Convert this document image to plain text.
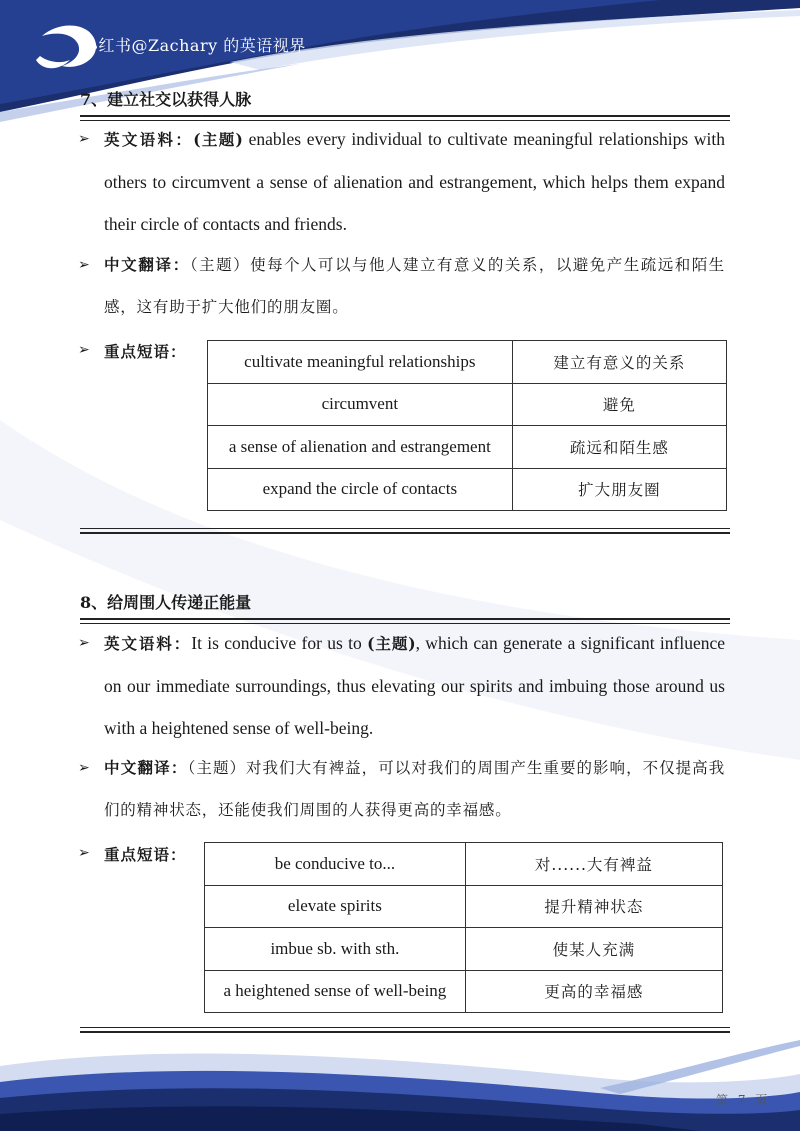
小红书@Zachary 的英语视界
7、建立社交以获得人脉
➢ 英文语料：(主题) enables every individual to cultivate meaningful relationships with others to circumvent a sense of alienation and estrangement, which helps them expand their circle of contacts and friends.
➢ 中文翻译：（主题）使每个人可以与他人建立有意义的关系，以避免产生疏远和陌生感，这有助于扩大他们的朋友圈。
➢ 重点短语：
cultivate meaningful relationships	建立有意义的关系
circumvent	避免
a sense of alienation and estrangement	疏远和陌生感
expand the circle of contacts	扩大朋友圈
8、给周围人传递正能量
➢ 英文语料：It is conducive for us to (主题), which can generate a significant influence on our immediate surroundings, thus elevating our spirits and imbuing those around us with a heightened sense of well-being.
➢ 中文翻译：（主题）对我们大有裨益，可以对我们的周围产生重要的影响，不仅提高我们的精神状态，还能使我们周围的人获得更高的幸福感。
➢ 重点短语：	be conducive to...	对......大有裨益
elevate spirits	提升精神状态
imbue sb. with sth.	使某人充满
a heightened sense of well-being	更高的幸福感
第 7 页
